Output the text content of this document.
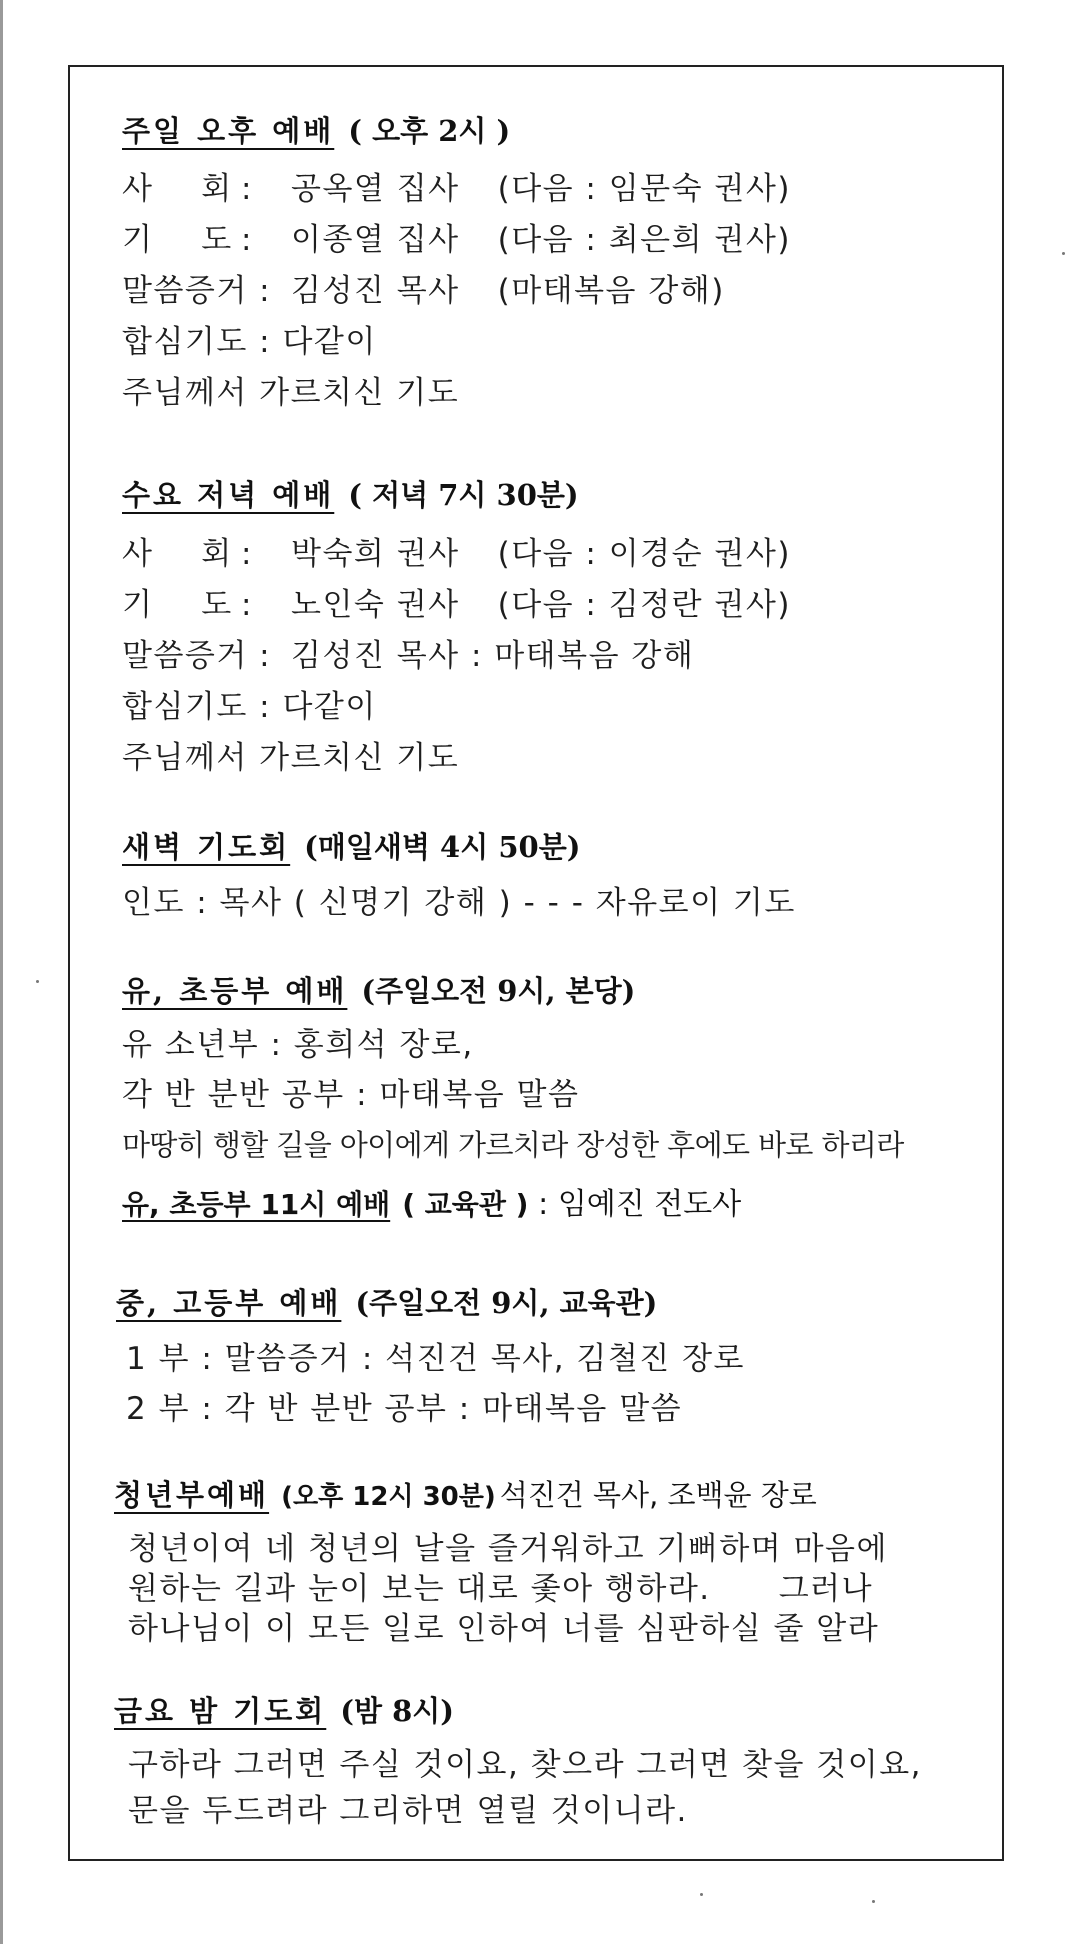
주일 오후 예배 ( 오후 2시 )
사     회 : 공옥열 집사 (다음 : 임문숙 권사)
기     도 : 이종열 집사 (다음 : 최은희 권사)
말씀증거 : 김성진 목사 (마태복음 강해)
합심기도 : 다같이
주님께서 가르치신 기도
수요 저녁 예배 ( 저녁 7시 30분)
사     회 : 박숙희 권사 (다음 : 이경순 권사)
기     도 : 노인숙 권사 (다음 : 김정란 권사)
말씀증거 : 김성진 목사 : 마태복음 강해
합심기도 : 다같이
주님께서 가르치신 기도
새벽 기도회 (매일새벽 4시 50분)
인도 : 목사 ( 신명기 강해 ) - - - 자유로이 기도
유, 초등부 예배 (주일오전 9시, 본당)
유 소년부 : 홍희석 장로,
각 반 분반 공부 : 마태복음 말씀
마땅히 행할 길을 아이에게 가르치라 장성한 후에도 바로 하리라
유, 초등부 11시 예배 ( 교육관 ) : 임예진 전도사
중, 고등부 예배 (주일오전 9시, 교육관)
1 부 : 말씀증거 : 석진건 목사, 김철진 장로
2 부 : 각 반 분반 공부 : 마태복음 말씀
청년부예배 (오후 12시 30분) 석진건 목사, 조백윤 장로
청년이여 네 청년의 날을 즐거워하고 기뻐하며 마음에
원하는 길과 눈이 보는 대로 좇아 행하라.      그러나
하나님이 이 모든 일로 인하여 너를 심판하실 줄 알라
금요 밤 기도회 (밤 8시)
구하라 그러면 주실 것이요, 찾으라 그러면 찾을 것이요,
문을 두드려라 그리하면 열릴 것이니라.
